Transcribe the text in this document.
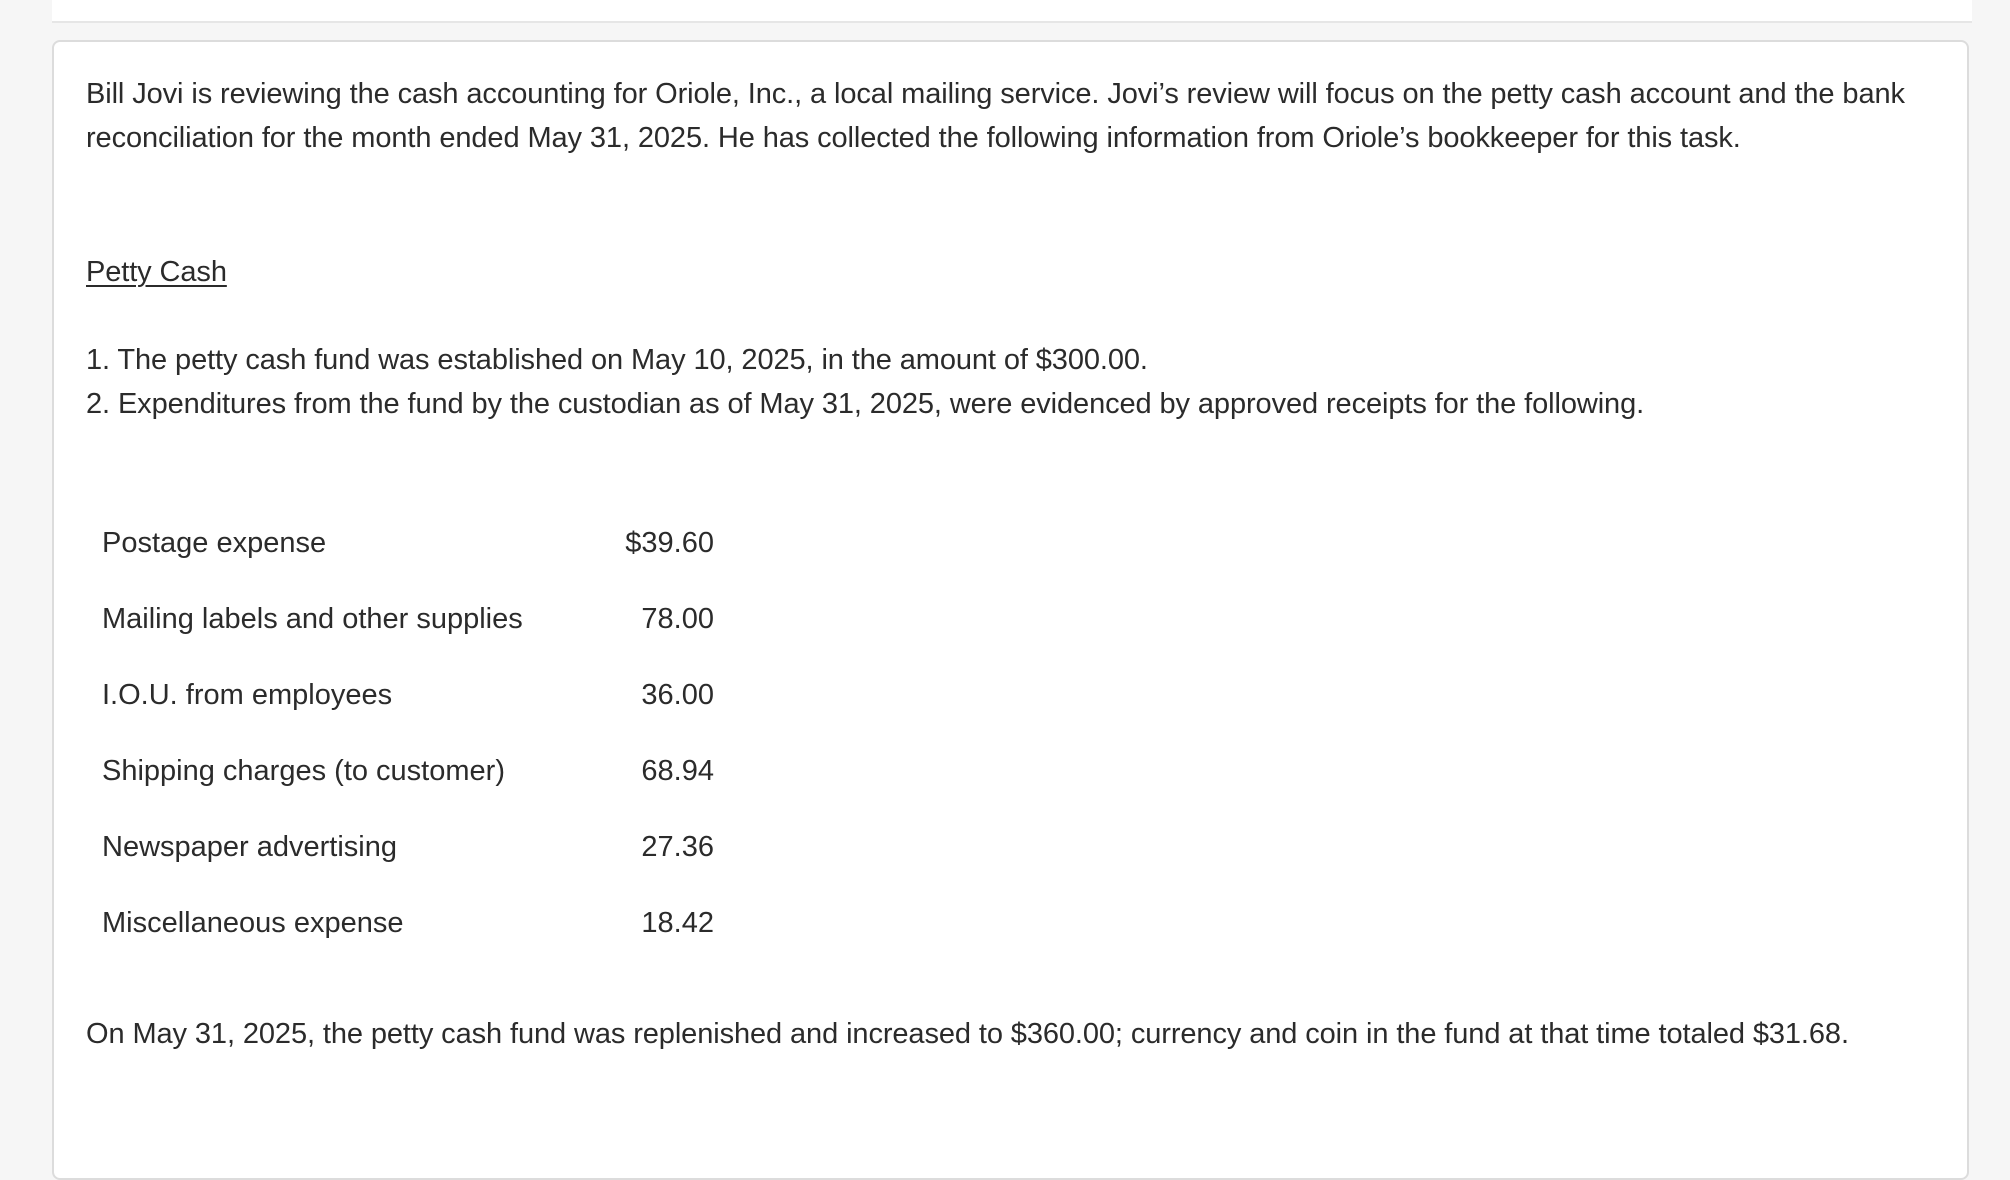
Bill Jovi is reviewing the cash accounting for Oriole, Inc., a local mailing service. Jovi’s review will focus on the petty cash account and the bank reconciliation for the month ended May 31, 2025. He has collected the following information from Oriole’s bookkeeper for this task.

Petty Cash

1. The petty cash fund was established on May 10, 2025, in the amount of $300.00.

2. Expenditures from the fund by the custodian as of May 31, 2025, were evidenced by approved receipts for the following.

Postage expense	$39.60
Mailing labels and other supplies	78.00
I.O.U. from employees	36.00
Shipping charges (to customer)	68.94
Newspaper advertising	27.36
Miscellaneous expense	18.42

On May 31, 2025, the petty cash fund was replenished and increased to $360.00; currency and coin in the fund at that time totaled $31.68.
